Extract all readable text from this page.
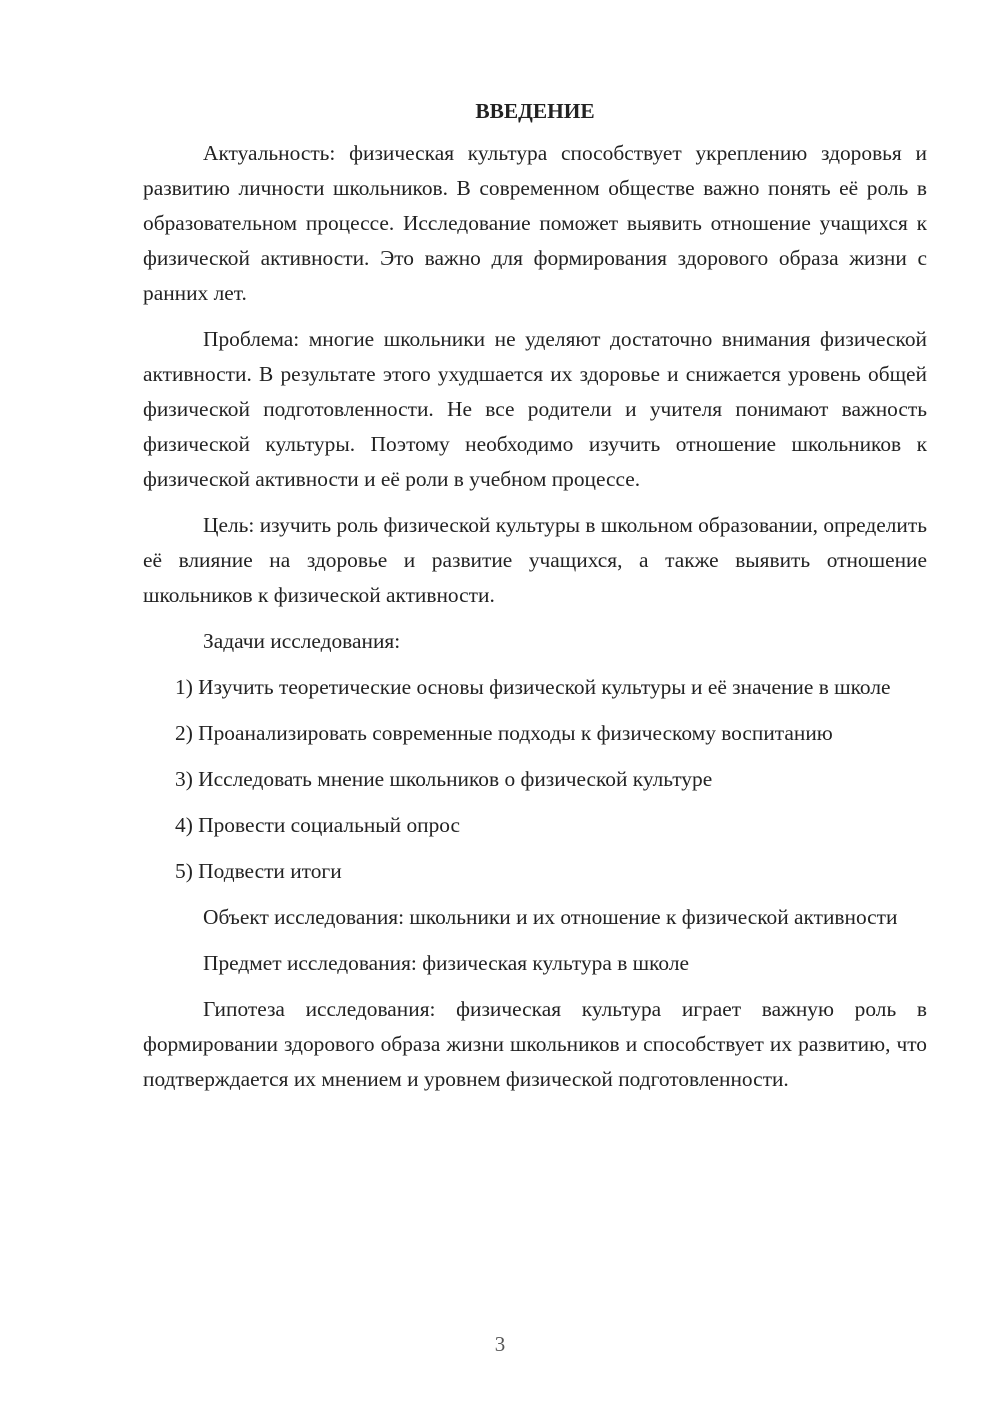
ВВЕДЕНИЕ

Актуальность: физическая культура способствует укреплению здоровья и развитию личности школьников. В современном обществе важно понять её роль в образовательном процессе. Исследование поможет выявить отношение учащихся к физической активности. Это важно для формирования здорового образа жизни с ранних лет.

Проблема: многие школьники не уделяют достаточно внимания физической активности. В результате этого ухудшается их здоровье и снижается уровень общей физической подготовленности. Не все родители и учителя понимают важность физической культуры. Поэтому необходимо изучить отношение школьников к физической активности и её роли в учебном процессе.

Цель: изучить роль физической культуры в школьном образовании, определить её влияние на здоровье и развитие учащихся, а также выявить отношение школьников к физической активности.

Задачи исследования:

1) Изучить теоретические основы физической культуры и её значение в школе

2) Проанализировать современные подходы к физическому воспитанию

3) Исследовать мнение школьников о физической культуре

4) Провести социальный опрос

5) Подвести итоги

Объект исследования: школьники и их отношение к физической активности

Предмет исследования: физическая культура в школе

Гипотеза исследования: физическая культура играет важную роль в формировании здорового образа жизни школьников и способствует их развитию, что подтверждается их мнением и уровнем физической подготовленности.

3
